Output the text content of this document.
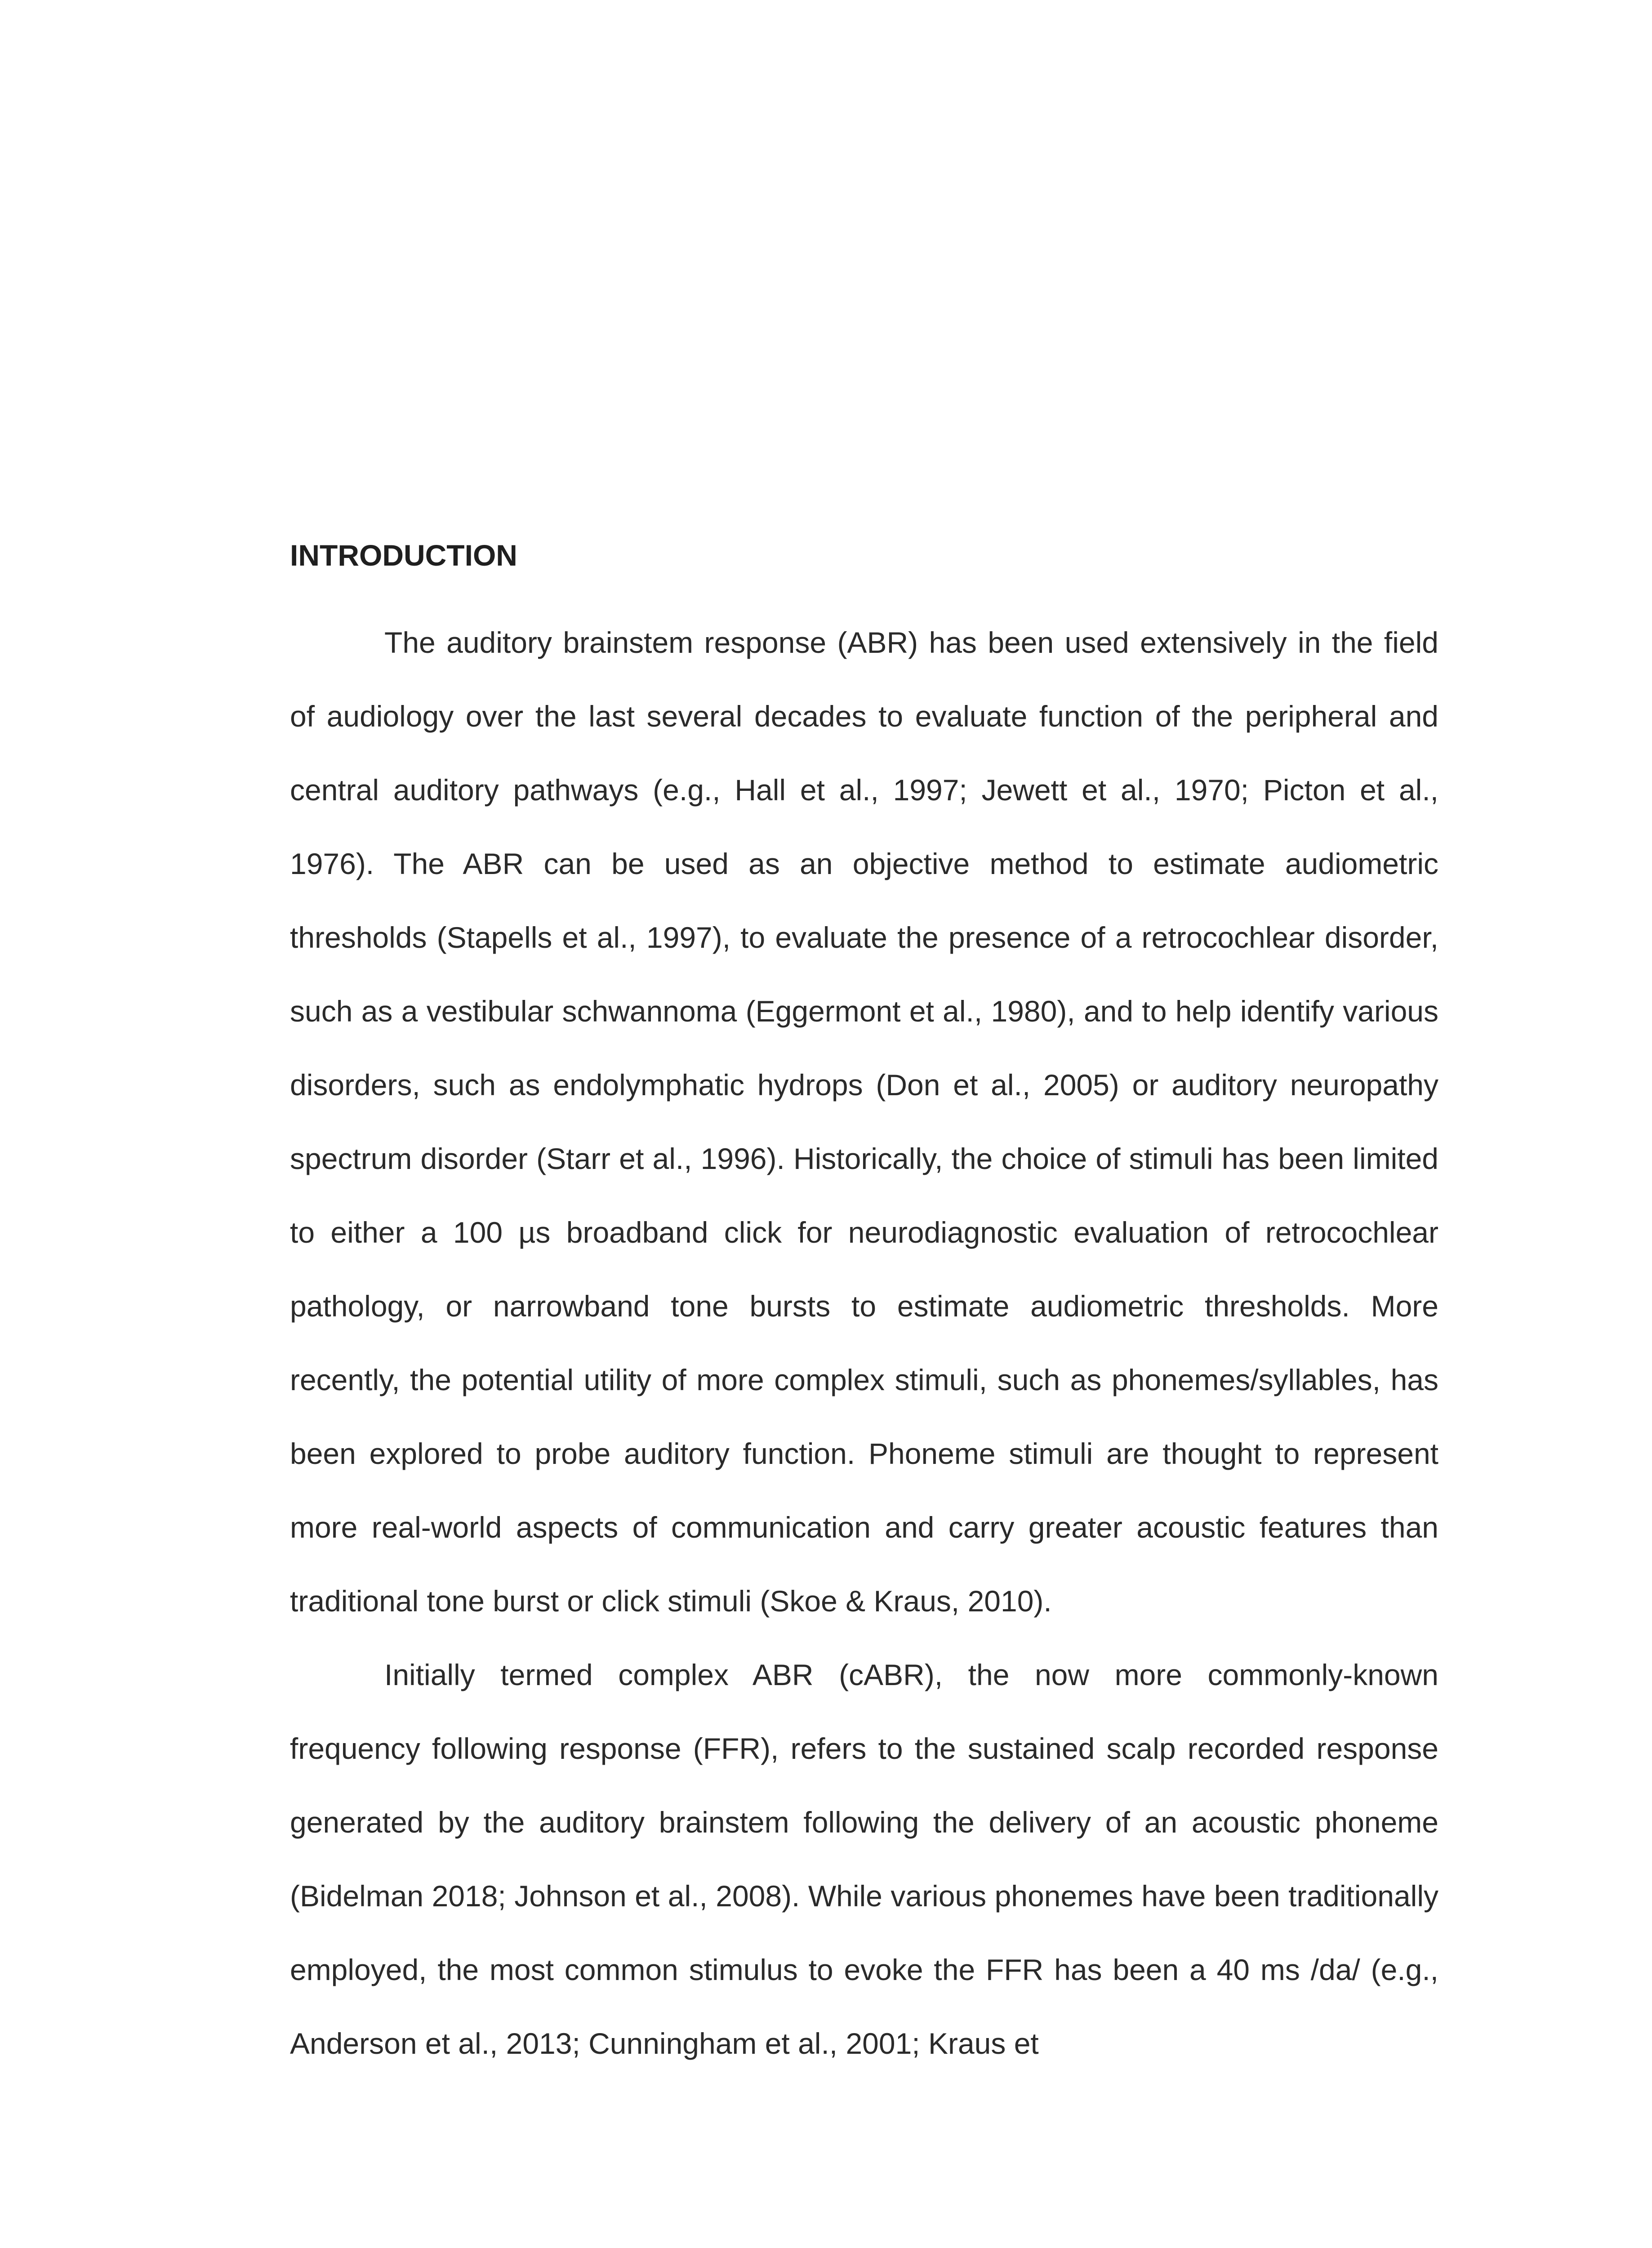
INTRODUCTION

The auditory brainstem response (ABR) has been used extensively in the field of audiology over the last several decades to evaluate function of the peripheral and central auditory pathways (e.g., Hall et al., 1997; Jewett et al., 1970; Picton et al., 1976). The ABR can be used as an objective method to estimate audiometric thresholds (Stapells et al., 1997), to evaluate the presence of a retrocochlear disorder, such as a vestibular schwannoma (Eggermont et al., 1980), and to help identify various disorders, such as endolymphatic hydrops (Don et al., 2005) or auditory neuropathy spectrum disorder (Starr et al., 1996). Historically, the choice of stimuli has been limited to either a 100 µs broadband click for neurodiagnostic evaluation of retrocochlear pathology, or narrowband tone bursts to estimate audiometric thresholds. More recently, the potential utility of more complex stimuli, such as phonemes/syllables, has been explored to probe auditory function. Phoneme stimuli are thought to represent more real-world aspects of communication and carry greater acoustic features than traditional tone burst or click stimuli (Skoe & Kraus, 2010).

Initially termed complex ABR (cABR), the now more commonly-known frequency following response (FFR), refers to the sustained scalp recorded response generated by the auditory brainstem following the delivery of an acoustic phoneme (Bidelman 2018; Johnson et al., 2008). While various phonemes have been traditionally employed, the most common stimulus to evoke the FFR has been a 40 ms /da/ (e.g., Anderson et al., 2013; Cunningham et al., 2001; Kraus et
